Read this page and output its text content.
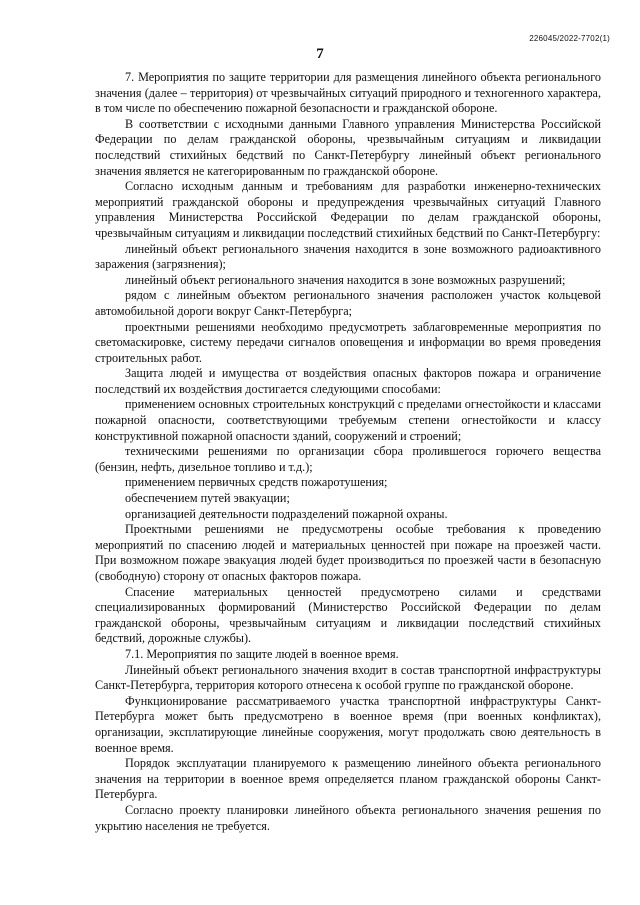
226045/2022-7702(1)
7

7. Мероприятия по защите территории для размещения линейного объекта регионального значения (далее – территория) от чрезвычайных ситуаций природного и техногенного характера, в том числе по обеспечению пожарной безопасности и гражданской обороне.

В соответствии с исходными данными Главного управления Министерства Российской Федерации по делам гражданской обороны, чрезвычайным ситуациям и ликвидации последствий стихийных бедствий по Санкт-Петербургу линейный объект регионального значения является не категорированным по гражданской обороне.

Согласно исходным данным и требованиям для разработки инженерно-технических мероприятий гражданской обороны и предупреждения чрезвычайных ситуаций Главного управления Министерства Российской Федерации по делам гражданской обороны, чрезвычайным ситуациям и ликвидации последствий стихийных бедствий по Санкт-Петербургу:

линейный объект регионального значения находится в зоне возможного радиоактивного заражения (загрязнения);

линейный объект регионального значения находится в зоне возможных разрушений;

рядом с линейным объектом регионального значения расположен участок кольцевой автомобильной дороги вокруг Санкт-Петербурга;

проектными решениями необходимо предусмотреть заблаговременные мероприятия по светомаскировке, систему передачи сигналов оповещения и информации во время проведения строительных работ.

Защита людей и имущества от воздействия опасных факторов пожара и ограничение последствий их воздействия достигается следующими способами:

применением основных строительных конструкций с пределами огнестойкости и классами пожарной опасности, соответствующими требуемым степени огнестойкости и классу конструктивной пожарной опасности зданий, сооружений и строений;

техническими решениями по организации сбора пролившегося горючего вещества (бензин, нефть, дизельное топливо и т.д.);

применением первичных средств пожаротушения;

обеспечением путей эвакуации;

организацией деятельности подразделений пожарной охраны.

Проектными решениями не предусмотрены особые требования к проведению мероприятий по спасению людей и материальных ценностей при пожаре на проезжей части. При возможном пожаре эвакуация людей будет производиться по проезжей части в безопасную (свободную) сторону от опасных факторов пожара.

Спасение материальных ценностей предусмотрено силами и средствами специализированных формирований (Министерство Российской Федерации по делам гражданской обороны, чрезвычайным ситуациям и ликвидации последствий стихийных бедствий, дорожные службы).

7.1. Мероприятия по защите людей в военное время.

Линейный объект регионального значения входит в состав транспортной инфраструктуры Санкт-Петербурга, территория которого отнесена к особой группе по гражданской обороне.

Функционирование рассматриваемого участка транспортной инфраструктуры Санкт-Петербурга может быть предусмотрено в военное время (при военных конфликтах), организации, эксплатирующие линейные сооружения, могут продолжать свою деятельность в военное время.

Порядок эксплуатации планируемого к размещению линейного объекта регионального значения на территории в военное время определяется планом гражданской обороны Санкт-Петербурга.

Согласно проекту планировки линейного объекта регионального значения решения по укрытию населения не требуется.
